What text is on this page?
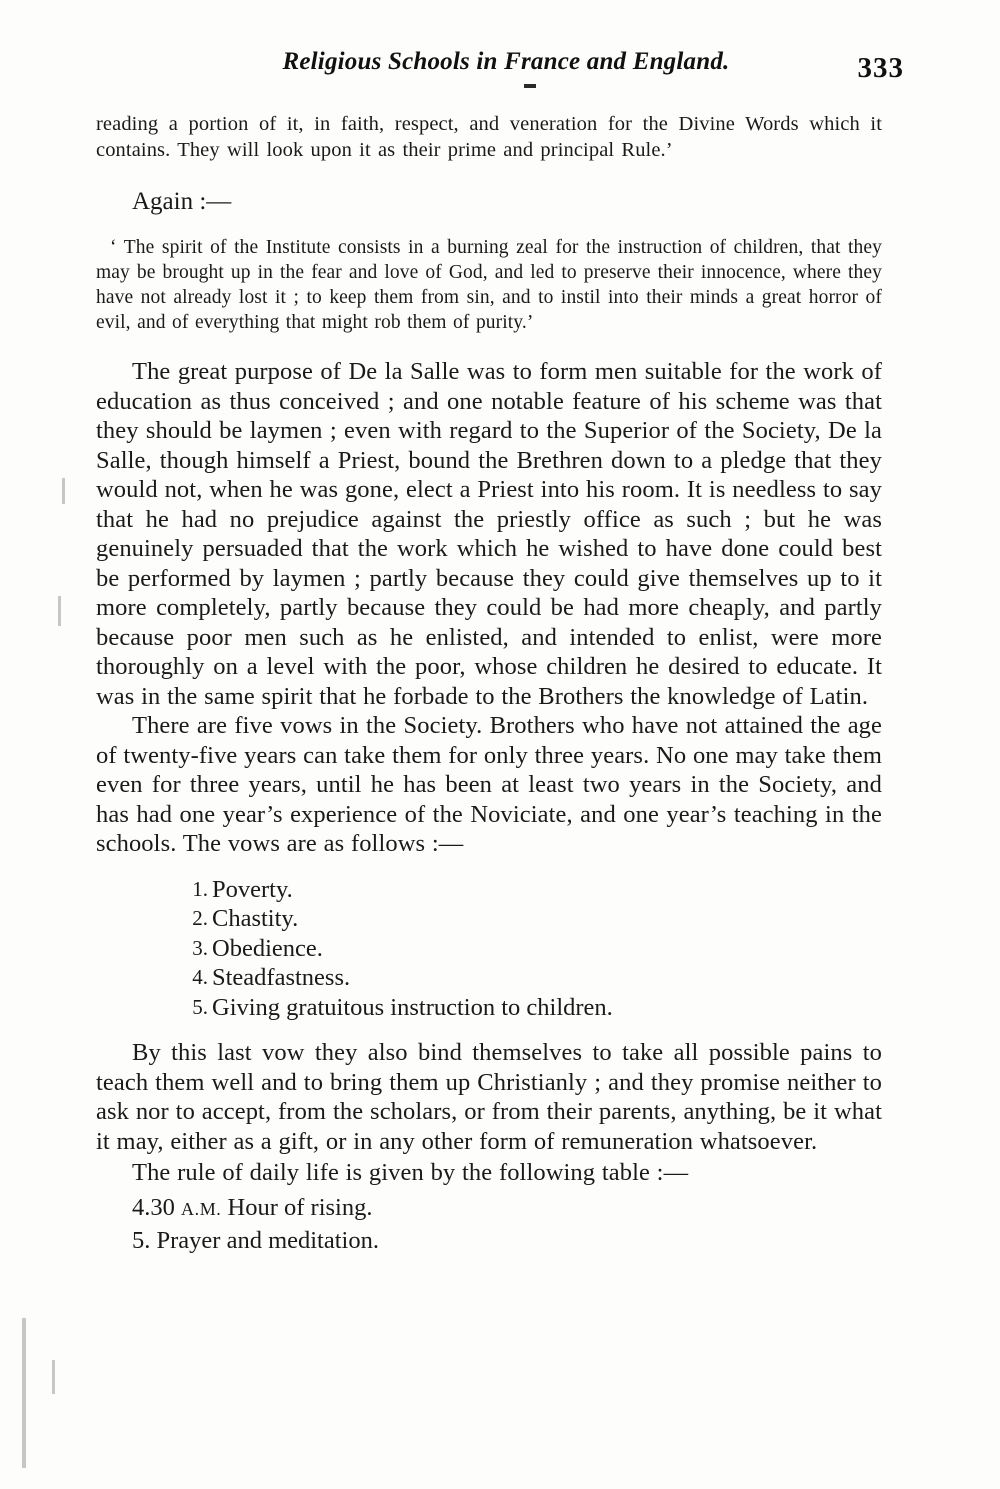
Religious Schools in France and England.	333

reading a portion of it, in faith, respect, and veneration for the Divine Words which it contains. They will look upon it as their prime and principal Rule.’

Again :—

‘ The spirit of the Institute consists in a burning zeal for the instruction of children, that they may be brought up in the fear and love of God, and led to preserve their innocence, where they have not already lost it ; to keep them from sin, and to instil into their minds a great horror of evil, and of everything that might rob them of purity.’

The great purpose of De la Salle was to form men suitable for the work of education as thus conceived ; and one notable feature of his scheme was that they should be laymen ; even with regard to the Superior of the Society, De la Salle, though himself a Priest, bound the Brethren down to a pledge that they would not, when he was gone, elect a Priest into his room. It is needless to say that he had no prejudice against the priestly office as such ; but he was genuinely persuaded that the work which he wished to have done could best be performed by laymen ; partly because they could give themselves up to it more completely, partly because they could be had more cheaply, and partly because poor men such as he enlisted, and intended to enlist, were more thoroughly on a level with the poor, whose children he desired to educate. It was in the same spirit that he forbade to the Brothers the knowledge of Latin.

There are five vows in the Society. Brothers who have not attained the age of twenty-five years can take them for only three years. No one may take them even for three years, until he has been at least two years in the Society, and has had one year’s experience of the Noviciate, and one year’s teaching in the schools. The vows are as follows :—

1. Poverty.
2. Chastity.
3. Obedience.
4. Steadfastness.
5. Giving gratuitous instruction to children.

By this last vow they also bind themselves to take all possible pains to teach them well and to bring them up Christianly ; and they promise neither to ask nor to accept, from the scholars, or from their parents, anything, be it what it may, either as a gift, or in any other form of remuneration whatsoever.

The rule of daily life is given by the following table :—

4.30 A.M. Hour of rising.
5. Prayer and meditation.
